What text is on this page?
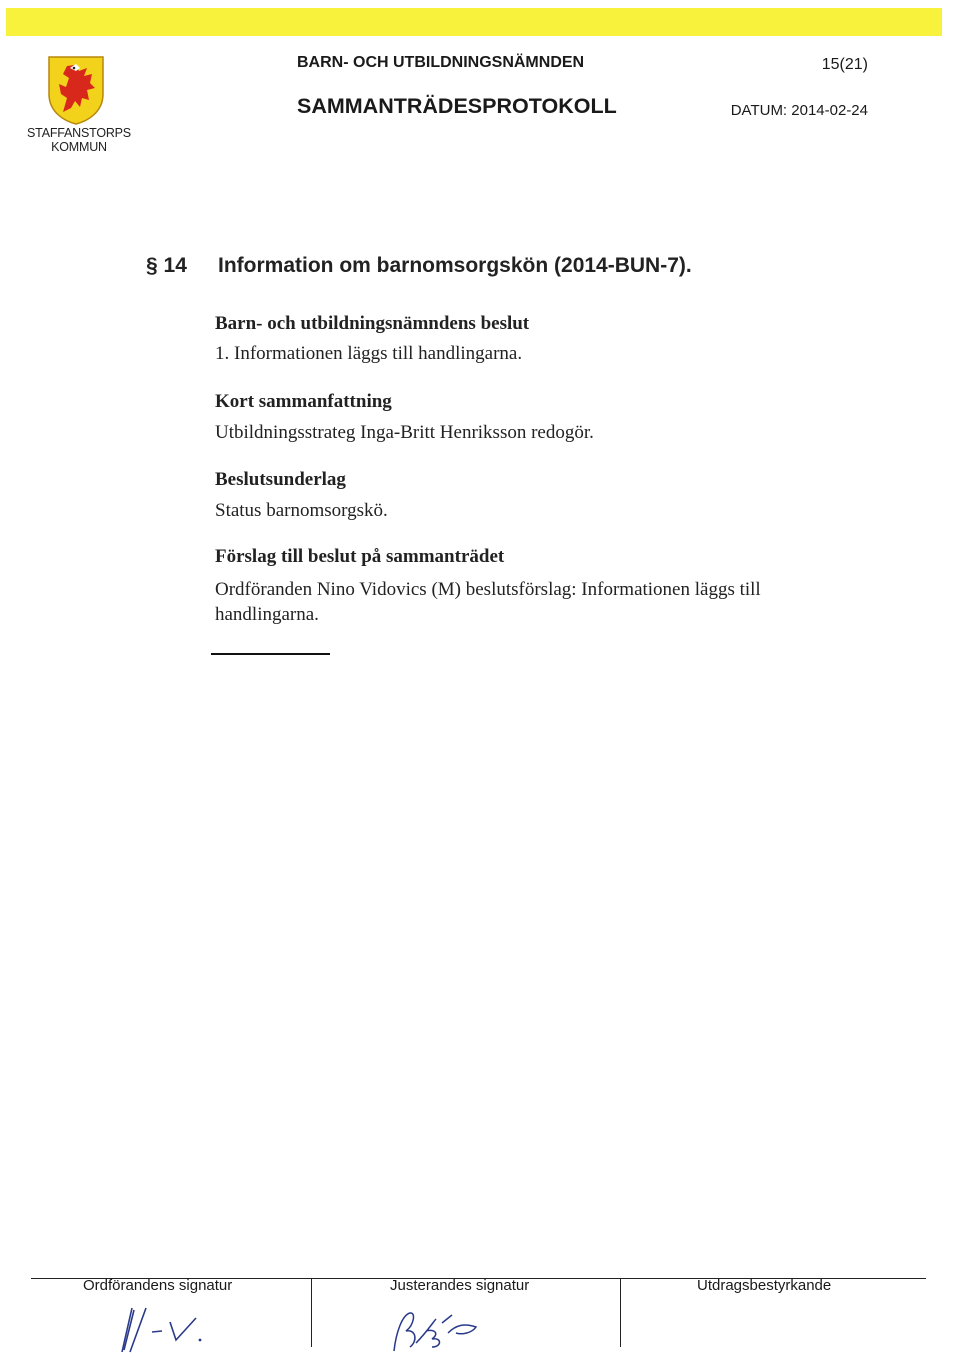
STAFFANSTORPS
KOMMUN
BARN- OCH UTBILDNINGSNÄMNDEN	15(21)
SAMMANTRÄDESPROTOKOLL	DATUM: 2014-02-24
§ 14 Information om barnomsorgskön (2014-BUN-7).
Barn- och utbildningsnämndens beslut
1. Informationen läggs till handlingarna.
Kort sammanfattning
Utbildningsstrateg Inga-Britt Henriksson redogör.
Beslutsunderlag
Status barnomsorgskö.
Förslag till beslut på sammanträdet
Ordföranden Nino Vidovics (M) beslutsförslag: Informationen läggs till handlingarna.
Ordförandens signatur	Justerandes signatur	Utdragsbestyrkande
